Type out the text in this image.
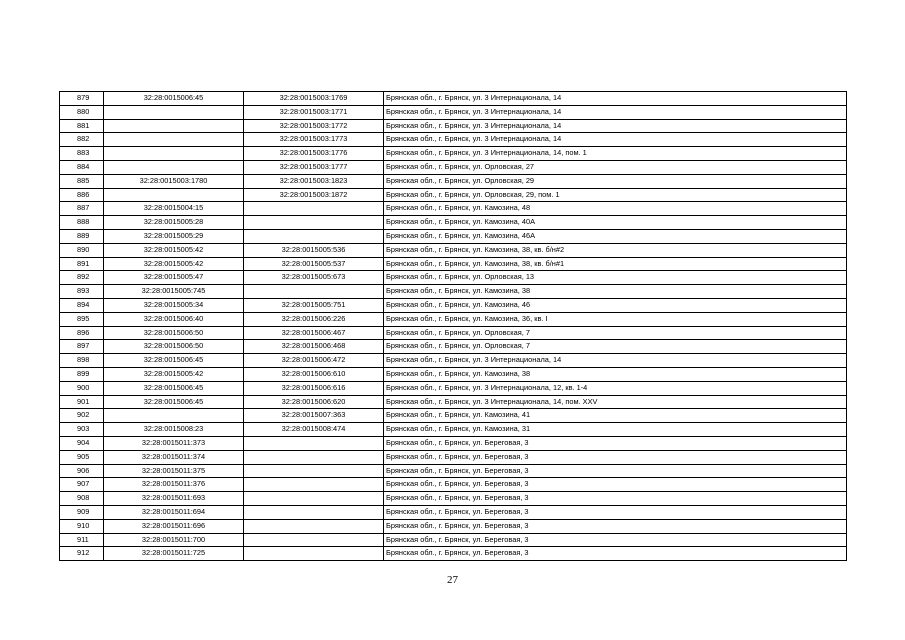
879	32:28:0015006:45	32:28:0015003:1769	Брянская обл., г. Брянск, ул. 3 Интернационала, 14
880		32:28:0015003:1771	Брянская обл., г. Брянск, ул. 3 Интернационала, 14
881		32:28:0015003:1772	Брянская обл., г. Брянск, ул. 3 Интернационала, 14
882		32:28:0015003:1773	Брянская обл., г. Брянск, ул. 3 Интернационала, 14
883		32:28:0015003:1776	Брянская обл., г. Брянск, ул. 3 Интернационала, 14, пом. 1
884		32:28:0015003:1777	Брянская обл., г. Брянск, ул. Орловская, 27
885	32:28:0015003:1780	32:28:0015003:1823	Брянская обл., г. Брянск, ул. Орловская, 29
886		32:28:0015003:1872	Брянская обл., г. Брянск, ул. Орловская, 29, пом. 1
887	32:28:0015004:15		Брянская обл., г. Брянск, ул. Камозина, 48
888	32:28:0015005:28		Брянская обл., г. Брянск, ул. Камозина, 40А
889	32:28:0015005:29		Брянская обл., г. Брянск, ул. Камозина, 46А
890	32:28:0015005:42	32:28:0015005:536	Брянская обл., г. Брянск, ул. Камозина, 38, кв. б/н#2
891	32:28:0015005:42	32:28:0015005:537	Брянская обл., г. Брянск, ул. Камозина, 38, кв. б/н#1
892	32:28:0015005:47	32:28:0015005:673	Брянская обл., г. Брянск, ул. Орловская, 13
893	32:28:0015005:745		Брянская обл., г. Брянск, ул. Камозина, 38
894	32:28:0015005:34	32:28:0015005:751	Брянская обл., г. Брянск, ул. Камозина, 46
895	32:28:0015006:40	32:28:0015006:226	Брянская обл., г. Брянск, ул. Камозина, 36, кв. I
896	32:28:0015006:50	32:28:0015006:467	Брянская обл., г. Брянск, ул. Орловская, 7
897	32:28:0015006:50	32:28:0015006:468	Брянская обл., г. Брянск, ул. Орловская, 7
898	32:28:0015006:45	32:28:0015006:472	Брянская обл., г. Брянск, ул. 3 Интернационала, 14
899	32:28:0015005:42	32:28:0015006:610	Брянская обл., г. Брянск, ул. Камозина, 38
900	32:28:0015006:45	32:28:0015006:616	Брянская обл., г. Брянск, ул. 3 Интернационала, 12, кв. 1-4
901	32:28:0015006:45	32:28:0015006:620	Брянская обл., г. Брянск, ул. 3 Интернационала, 14, пом. XXV
902		32:28:0015007:363	Брянская обл., г. Брянск, ул. Камозина, 41
903	32:28:0015008:23	32:28:0015008:474	Брянская обл., г. Брянск, ул. Камозина, 31
904	32:28:0015011:373		Брянская обл., г. Брянск, ул. Береговая, 3
905	32:28:0015011:374		Брянская обл., г. Брянск, ул. Береговая, 3
906	32:28:0015011:375		Брянская обл., г. Брянск, ул. Береговая, 3
907	32:28:0015011:376		Брянская обл., г. Брянск, ул. Береговая, 3
908	32:28:0015011:693		Брянская обл., г. Брянск, ул. Береговая, 3
909	32:28:0015011:694		Брянская обл., г. Брянск, ул. Береговая, 3
910	32:28:0015011:696		Брянская обл., г. Брянск, ул. Береговая, 3
911	32:28:0015011:700		Брянская обл., г. Брянск, ул. Береговая, 3
912	32:28:0015011:725		Брянская обл., г. Брянск, ул. Береговая, 3
27
